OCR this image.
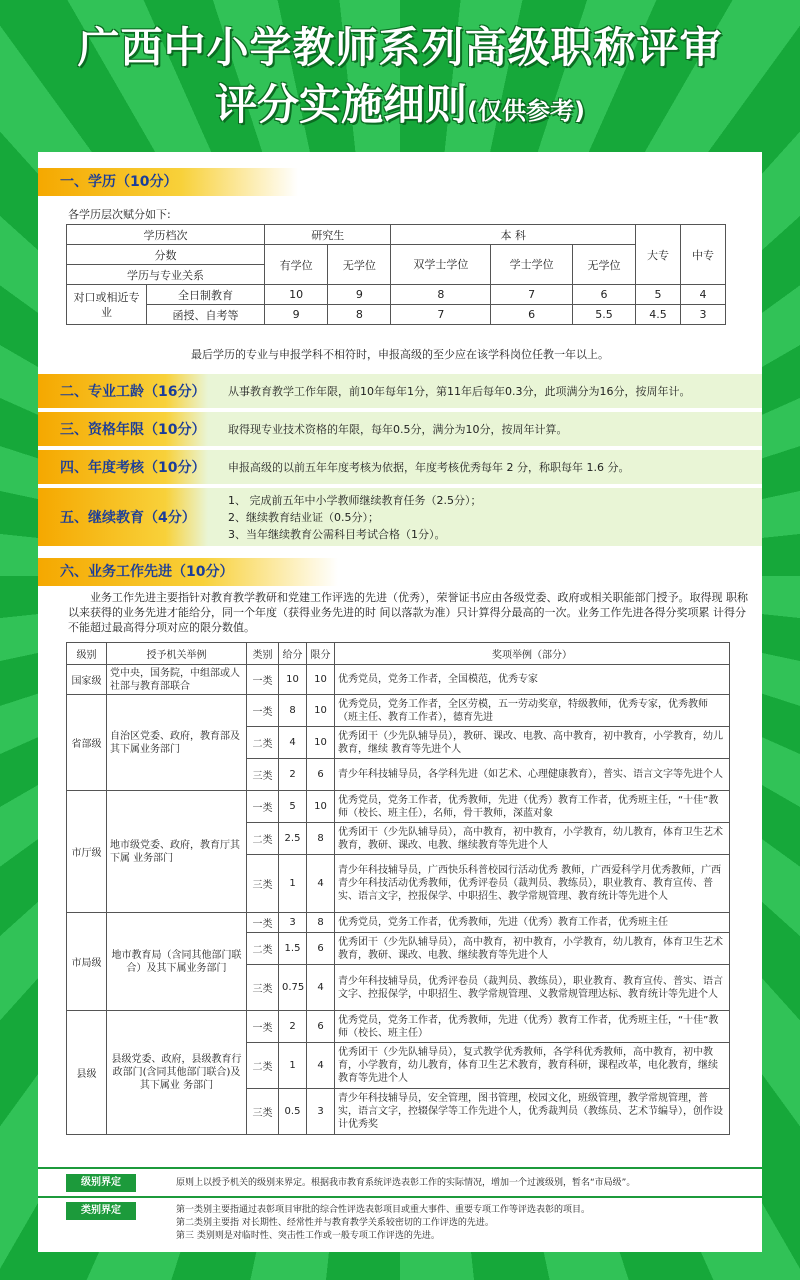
广西中小学教师系列高级职称评审
评分实施细则(仅供参考)
一、学历（10分）
各学历层次赋分如下:
学历档次		研究生		本 科			大专	中专
分数		有学位	无学位	双学士学位	学士学位	无学位		
学历与专业关系								
对口或相近专业	全日制教育	10	9	8	7	6	5	4
	函授、自考等	9	8	7	6	5.5	4.5	3
最后学历的专业与申报学科不相符时，申报高级的至少应在该学科岗位任教一年以上。
二、专业工龄（16分） 从事教育教学工作年限，前10年每年1分，第11年后每年0.3分，此项满分为16分，按周年计。
三、资格年限（10分） 取得现专业技术资格的年限，每年0.5分，满分为10分，按周年计算。
四、年度考核（10分） 申报高级的以前五年年度考核为依据，年度考核优秀每年 2 分，称职每年 1.6 分。
五、继续教育（4分）
1、 完成前五年中小学教师继续教育任务（2.5分）；
2、继续教育结业证（0.5分）；
3、当年继续教育公需科目考试合格（1分）。
六、业务工作先进（10分）
业务工作先进主要指针对教育教学教研和党建工作评选的先进（优秀），荣誉证书应由各级党委、政府或相关职能部门授予。取得现 职称以来获得的业务先进才能给分，同一个年度（获得业务先进的时 间以落款为准）只计算得分最高的一次。业务工作先进各得分奖项累 计得分不能超过最高得分项对应的限分数值。
级别	授予机关举例	类别	给分	限分	奖项举例（部分）
国家级	党中央，国务院，中组部或人社部与教育部联合	一类	10	10	优秀党员，党务工作者，全国模范，优秀专家
省部级	自治区党委、政府，教育部及其下属业务部门	一类	8	10	优秀党员，党务工作者，全区劳模，五一劳动奖章，特级教师，优秀专家，优秀教师（班主任、教育工作者），德育先进
		二类	4	10	优秀团干（少先队辅导员），教研、课改、电教、高中教育，初中教育，小学教育，幼儿教育，继续 教育等先进个人
		三类	2	6	青少年科技辅导员，各学科先进（如艺术、心理健康教育），普实、语言文字等先进个人
市厅级	地市级党委、政府，教育厅其下属 业务部门	一类	5	10	优秀党员，党务工作者，优秀教师，先进（优秀）教育工作者，优秀班主任，“十佳”教师（校长、班主任），名师，骨干教师，深蓝对象
		二类	2.5	8	优秀团干（少先队辅导员），高中教育，初中教育，小学教育，幼儿教育，体育卫生艺术教育，教研、课改、电教、继续教育等先进个人
		三类	1	4	青少年科技辅导员，广西快乐科普校园行活动优秀 教师，广西爱科学月优秀教师，广西青少年科技活动优秀教师，优秀评卷员（裁判员、教练员），职业教育、教育宣传、普实、语言文字，控报保学、中职招生、教学常规管理、教育统计等先进个人
市局级	地市教育局（含同其他部门联合）及其下属业务部门	一类	3	8	优秀党员，党务工作者，优秀教师，先进（优秀）教育工作者，优秀班主任
		二类	1.5	6	优秀团干（少先队辅导员），高中教育，初中教育，小学教育，幼儿教育，体育卫生艺术教育，教研、课改、电教、继续教育等先进个人
		三类	0.75	4	青少年科技辅导员，优秀评卷员（裁判员、教练员），职业教育、教育宣传、普实、语言文字、控报保学，中职招生、教学常规管理、义教常规管理达标、教育统计等先进个人
县级	县级党委、政府，县级教育行政部门(含同其他部门联合)及其下属业 务部门	一类	2	6	优秀党员，党务工作者，优秀教师，先进（优秀）教育工作者，优秀班主任，“十佳”教师（校长、班主任）
		二类	1	4	优秀团干（少先队辅导员），复式教学优秀教师，各学科优秀教师，高中教育，初中教育，小学教育，幼儿教育，体育卫生艺术教育，教育科研，课程改革，电化教育，继续教育等先进个人
		三类	0.5	3	青少年科技辅导员，安全管理，图书管理，校园文化，班级管理，教学常规管理，普实，语言文字，控辍保学等工作先进个人，优秀裁判员（教练员、艺术节编导），创作设计优秀奖
级别界定	原则上以授予机关的级别来界定。根据我市教育系统评选表彰工作的实际情况，增加一个过渡级别，暂名“市局级”。
类别界定	第一类别主要指通过表彰项目审批的综合性评选表彰项目或重大事件、重要专项工作等评选表彰的项目。
第二类别主要指 对长期性、经常性并与教育教学关系较密切的工作评选的先进。
第三 类别则是对临时性、突击性工作或一般专项工作评选的先进。
